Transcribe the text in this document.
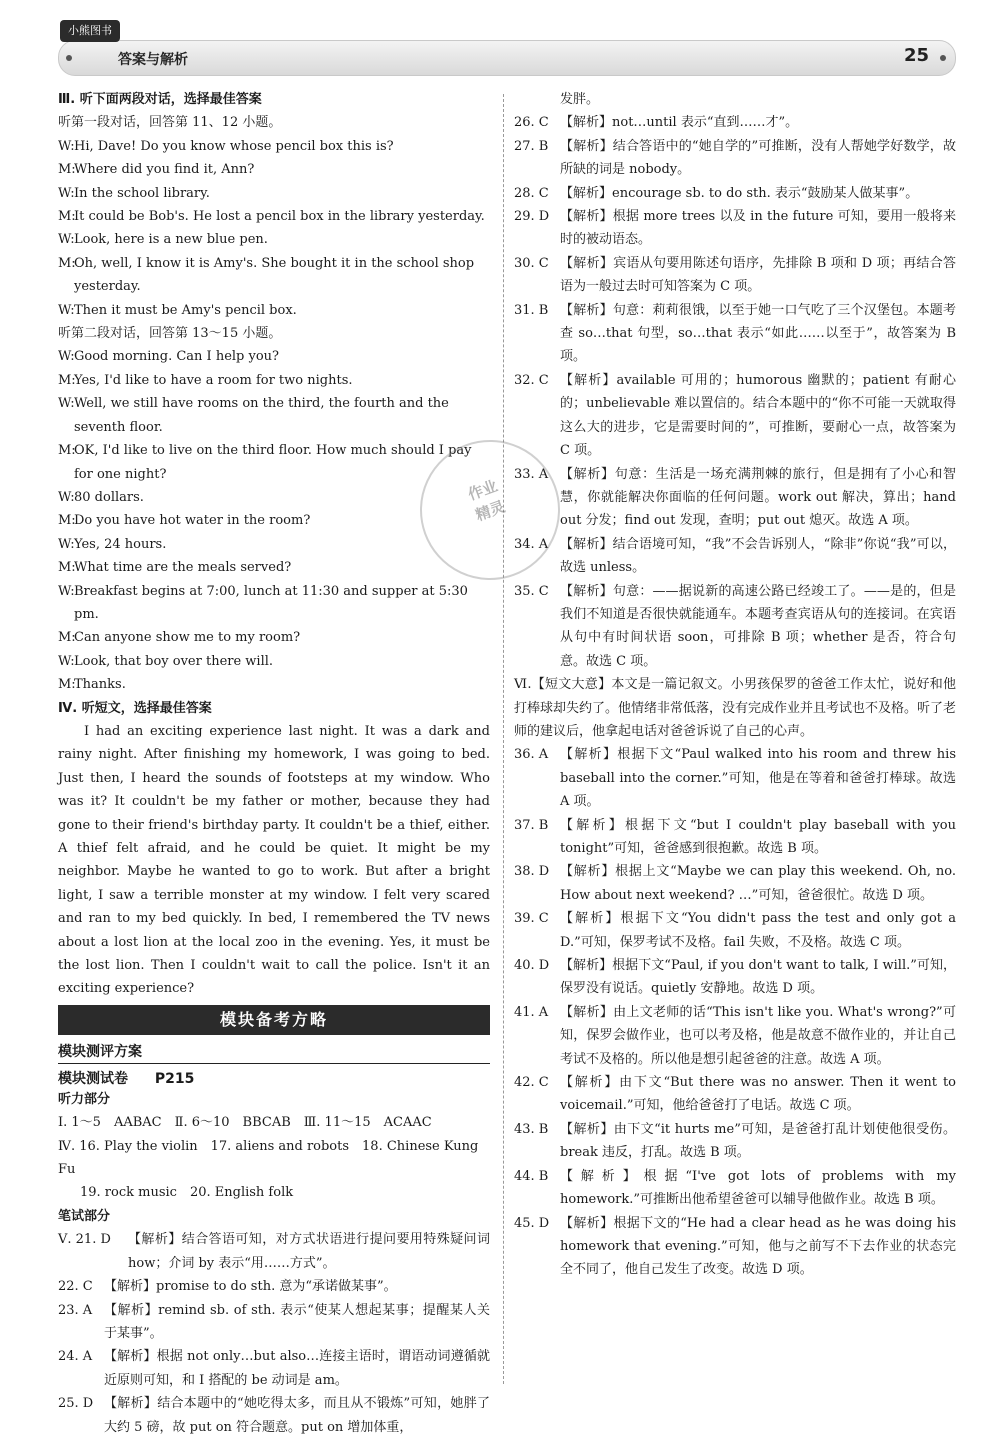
小熊图书
答案与解析	25

Ⅲ. 听下面两段对话，选择最佳答案

听第一段对话，回答第 11、12 小题。

W: Hi, Dave! Do you know whose pencil box this is?
M:
Where did you find it, Ann?
W: In the school library.
M:
It could be Bob's. He lost a pencil box in the library yesterday.
W: Look, here is a new blue pen.
M:
Oh, well, I know it is Amy's. She bought it in the school shop yesterday.
W: Then it must be Amy's pencil box.

听第二段对话，回答第 13～15 小题。

W: Good morning. Can I help you?
M:
Yes, I'd like to have a room for two nights.
W: Well, we still have rooms on the third, the fourth and the seventh floor.
M:
OK, I'd like to live on the third floor. How much should I pay for one night?
W: 80 dollars.
M:
Do you have hot water in the room?
W: Yes, 24 hours.
M:
What time are the meals served?
W: Breakfast begins at 7:00, lunch at 11:30 and supper at 5:30 pm.
M:
Can anyone show me to my room?
W: Look, that boy over there will.
M:
Thanks.

Ⅳ. 听短文，选择最佳答案

I had an exciting experience last night. It was a dark and rainy night. After finishing my homework, I was going to bed. Just then, I heard the sounds of footsteps at my window. Who was it? It couldn't be my father or mother, because they had gone to their friend's birthday party. It couldn't be a thief, either. A thief felt afraid, and he could be quiet. It might be my neighbor. Maybe he wanted to go to work. But after a bright light, I saw a terrible monster at my window. I felt very scared and ran to my bed quickly. In bed, I remembered the TV news about a lost lion at the local zoo in the evening. Yes, it must be the lost lion. Then I couldn't wait to call the police. Isn't it an exciting experience?

模块备考方略
模块测评方案

模块测试卷 P215

听力部分

Ⅰ. 1～5　AABAC　Ⅱ. 6～10　BBCAB　Ⅲ. 11～15　ACAAC

Ⅳ. 16. Play the violin　17. aliens and robots　18. Chinese Kung Fu

19. rock music　20. English folk

笔试部分

Ⅴ. 21. D	【解析】结合答语可知，对方式状语进行提问要用特殊疑问词 how；介词 by 表示“用……方式”。
22. C 【解析】promise to do sth. 意为“承诺做某事”。
23. A 【解析】remind sb. of sth. 表示“使某人想起某事；提醒某人关于某事”。
24. A 【解析】根据 not only…but also…连接主语时，谓语动词遵循就近原则可知，和 I 搭配的 be 动词是 am。
25. D 【解析】结合本题中的“她吃得太多，而且从不锻炼”可知，她胖了大约 5 磅，故 put on 符合题意。put on 增加体重，

发胖。

26. C 【解析】not…until 表示“直到……才”。
27. B 【解析】结合答语中的“她自学的”可推断，没有人帮她学好数学，故所缺的词是 nobody。
28. C 【解析】encourage sb. to do sth. 表示“鼓励某人做某事”。
29. D 【解析】根据 more trees 以及 in the future 可知，要用一般将来时的被动语态。
30. C 【解析】宾语从句要用陈述句语序，先排除 B 项和 D 项；再结合答语为一般过去时可知答案为 C 项。
31. B 【解析】句意：莉莉很饿，以至于她一口气吃了三个汉堡包。本题考查 so…that 句型，so…that 表示“如此……以至于”，故答案为 B 项。
32. C 【解析】available 可用的；humorous 幽默的；patient 有耐心的；unbelievable 难以置信的。结合本题中的“你不可能一天就取得这么大的进步，它是需要时间的”，可推断，要耐心一点，故答案为 C 项。
33. A 【解析】句意：生活是一场充满荆棘的旅行，但是拥有了小心和智慧，你就能解决你面临的任何问题。work out 解决，算出；hand out 分发；find out 发现，查明；put out 熄灭。故选 A 项。
34. A 【解析】结合语境可知，“我”不会告诉别人，“除非”你说“我”可以，故选 unless。
35. C 【解析】句意：——据说新的高速公路已经竣工了。——是的，但是我们不知道是否很快就能通车。本题考查宾语从句的连接词。在宾语从句中有时间状语 soon，可排除 B 项；whether 是否，符合句意。故选 C 项。

Ⅵ.【短文大意】本文是一篇记叙文。小男孩保罗的爸爸工作太忙，说好和他打棒球却失约了。他情绪非常低落，没有完成作业并且考试也不及格。听了老师的建议后，他拿起电话对爸爸诉说了自己的心声。

36. A 【解析】根据下文“Paul walked into his room and threw his baseball into the corner.”可知，他是在等着和爸爸打棒球。故选 A 项。
37. B 【解析】根据下文“but I couldn't play baseball with you tonight”可知，爸爸感到很抱歉。故选 B 项。
38. D 【解析】根据上文“Maybe we can play this weekend. Oh, no. How about next weekend? …”可知，爸爸很忙。故选 D 项。
39. C 【解析】根据下文“You didn't pass the test and only got a D.”可知，保罗考试不及格。fail 失败，不及格。故选 C 项。
40. D 【解析】根据下文“Paul, if you don't want to talk, I will.”可知，保罗没有说话。quietly 安静地。故选 D 项。
41. A 【解析】由上文老师的话“This isn't like you. What's wrong?”可知，保罗会做作业，也可以考及格，他是故意不做作业的，并让自己考试不及格的。所以他是想引起爸爸的注意。故选 A 项。
42. C 【解析】由下文“But there was no answer. Then it went to voicemail.”可知，他给爸爸打了电话。故选 C 项。
43. B 【解析】由下文“it hurts me”可知，是爸爸打乱计划使他很受伤。break 违反，打乱。故选 B 项。
44. B 【解析】根据“I've got lots of problems with my homework.”可推断出他希望爸爸可以辅导他做作业。故选 B 项。
45. D 【解析】根据下文的“He had a clear head as he was doing his homework that evening.”可知，他与之前写不下去作业的状态完全不同了，他自己发生了改变。故选 D 项。
作业
精灵
